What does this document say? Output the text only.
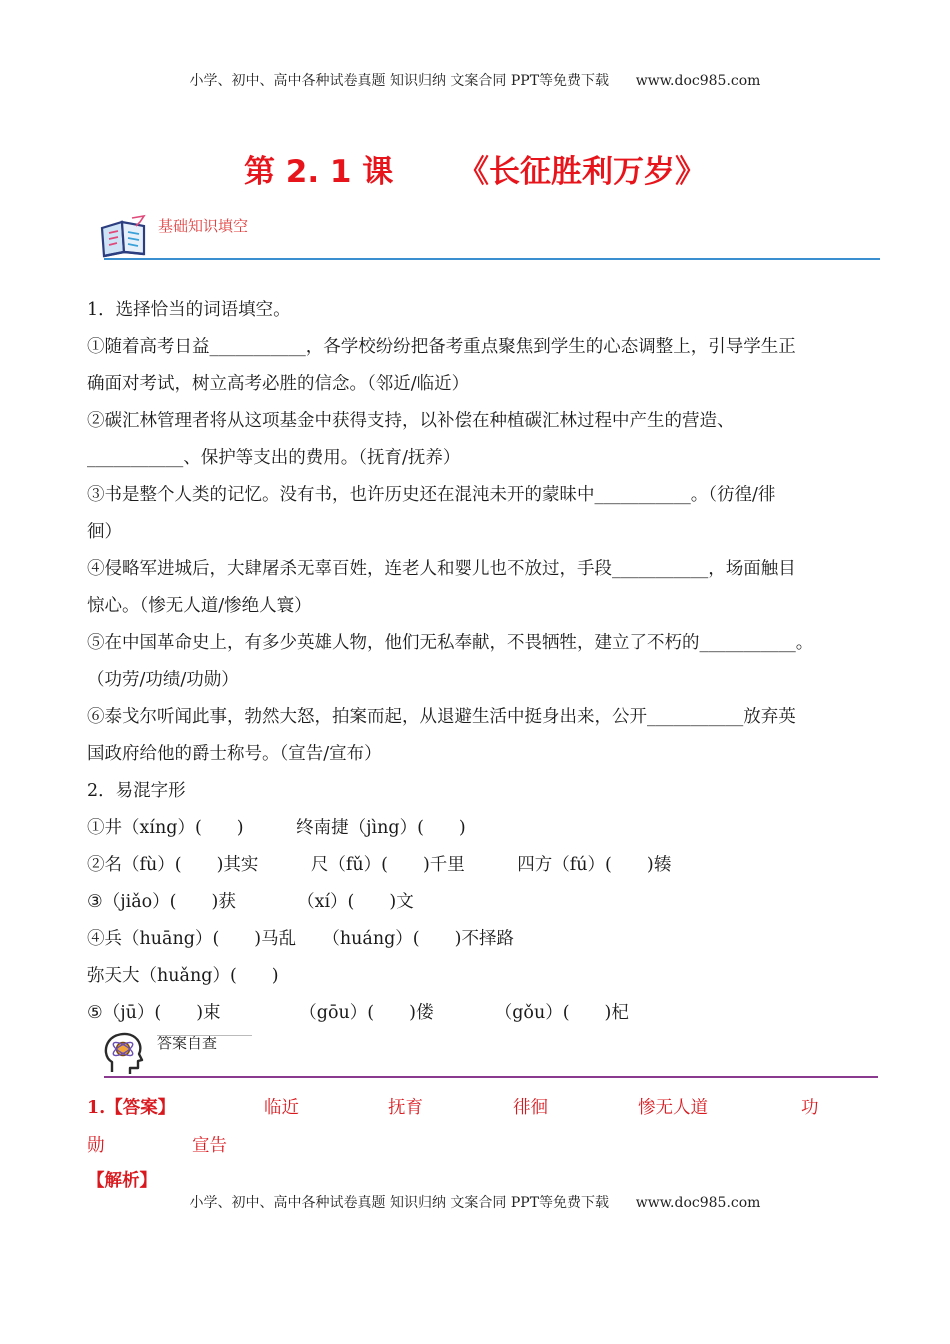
小学、初中、高中各种试卷真题 知识归纳 文案合同 PPT等免费下载      www.doc985.com
第 2. 1 课      《长征胜利万岁》
基础知识填空
1．选择恰当的词语填空。
①随着高考日益___________，各学校纷纷把备考重点聚焦到学生的心态调整上，引导学生正
确面对考试，树立高考必胜的信念。（邻近/临近）
②碳汇林管理者将从这项基金中获得支持，以补偿在种植碳汇林过程中产生的营造、
___________、保护等支出的费用。（抚育/抚养）
③书是整个人类的记忆。没有书，也许历史还在混沌未开的蒙昧中___________。（彷徨/徘
徊）
④侵略军进城后，大肆屠杀无辜百姓，连老人和婴儿也不放过，手段___________，场面触目
惊心。（惨无人道/惨绝人寰）
⑤在中国革命史上，有多少英雄人物，他们无私奉献，不畏牺牲，建立了不朽的___________。
（功劳/功绩/功勋）
⑥泰戈尔听闻此事，勃然大怒，拍案而起，从退避生活中挺身出来，公开___________放弃英
国政府给他的爵士称号。（宣告/宣布）
2．易混字形
①井（xíng）(　　)　　　终南捷（jìng）(　　)
②名（fù）(　　)其实　　　尺（fǔ）(　　)千里　　　四方（fú）(　　)辏
③（jiǎo）(　　)获　　　　（xí）(　　)文
④兵（huāng）(　　)马乱　　（huáng）(　　)不择路
弥天大（huǎng）(　　)
⑤（jū）(　　)束　　　　　（gōu）(　　)偻　　　　（gǒu）(　　)杞
答案自查
1.【答案】	临近	抚育	徘徊	惨无人道	功
勋	宣告
【解析】
小学、初中、高中各种试卷真题 知识归纳 文案合同 PPT等免费下载      www.doc985.com
